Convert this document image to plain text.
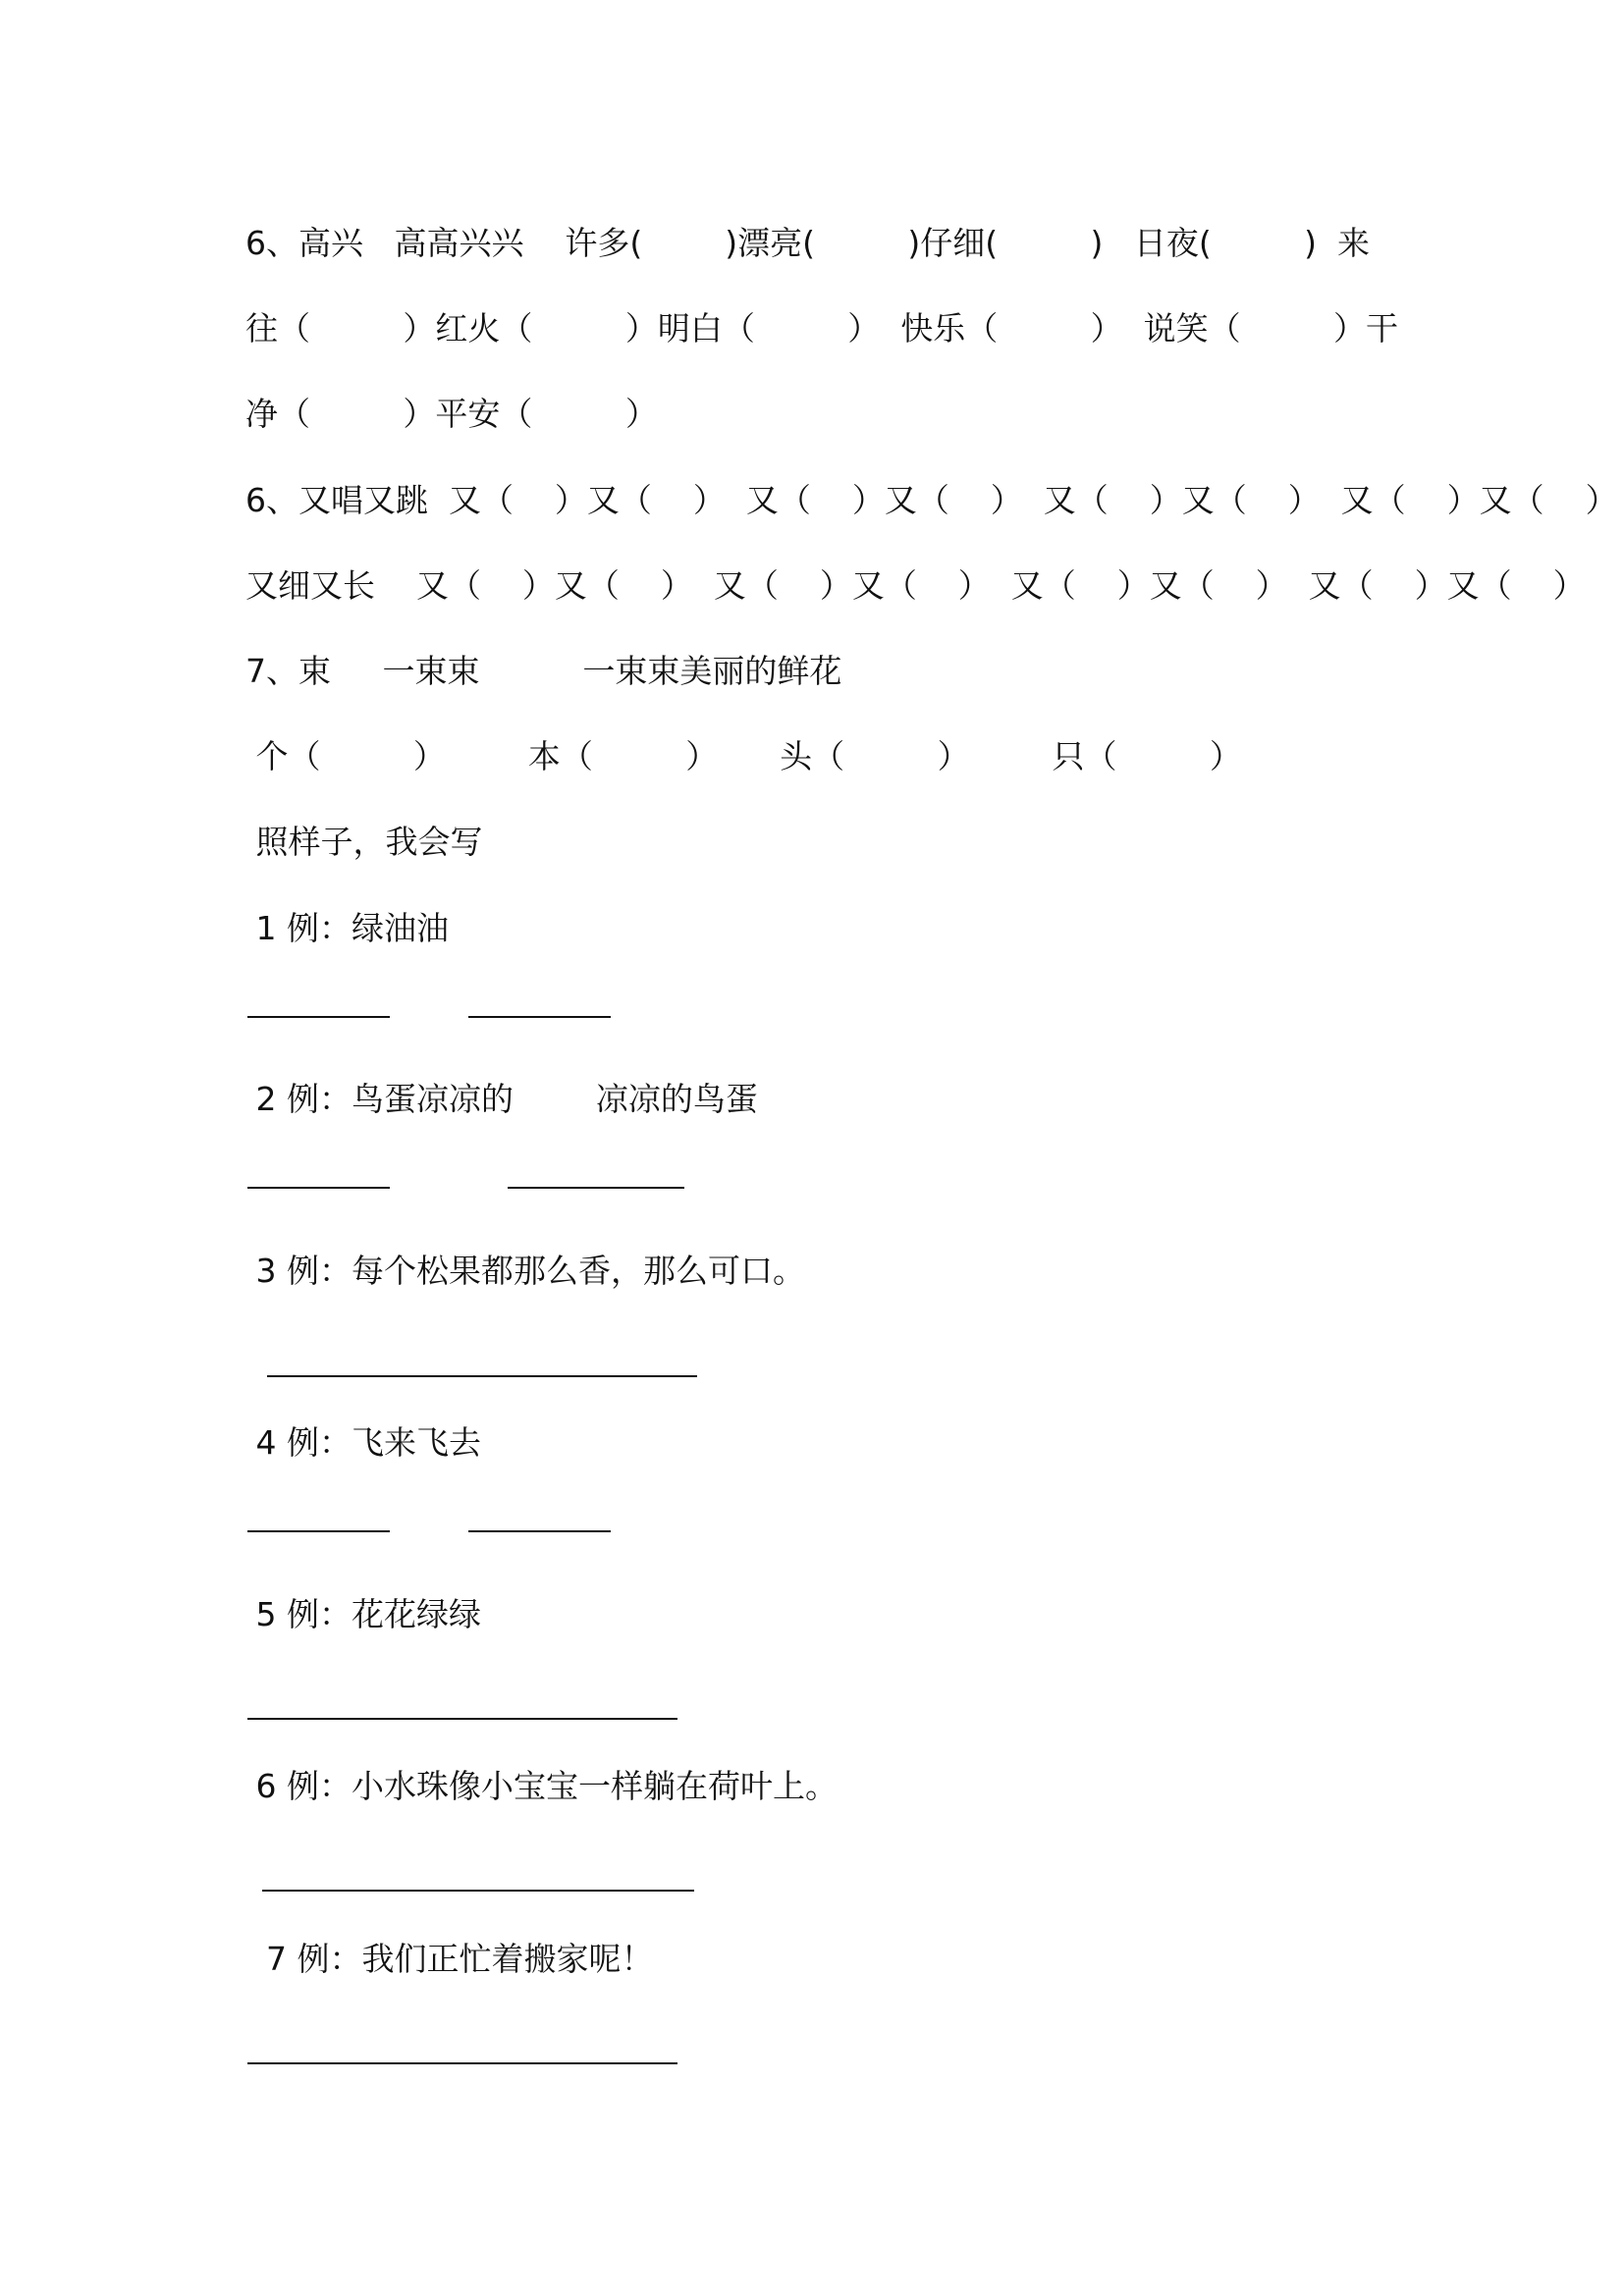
6、高兴   高高兴兴    许多(        )漂亮(         )仔细(         )   日夜(         )  来
往（         ）红火（         ）明白（         ）  快乐（         ）  说笑（         ）干
净（         ）平安（         ）
6、又唱又跳  又（    ）又（    ）  又（    ）又（    ）  又（    ）又（    ）  又（    ）又（    ）
又细又长    又（    ）又（    ）  又（    ）又（    ）  又（    ）又（    ）  又（    ）又（    ）
7、束     一束束          一束束美丽的鲜花
个（         ）        本（         ）      头（         ）        只（         ）
照样子，我会写
1 例：绿油油
2 例：鸟蛋凉凉的        凉凉的鸟蛋
3 例：每个松果都那么香，那么可口。
4 例：飞来飞去
5 例：花花绿绿
6 例：小水珠像小宝宝一样躺在荷叶上。
7 例：我们正忙着搬家呢！
